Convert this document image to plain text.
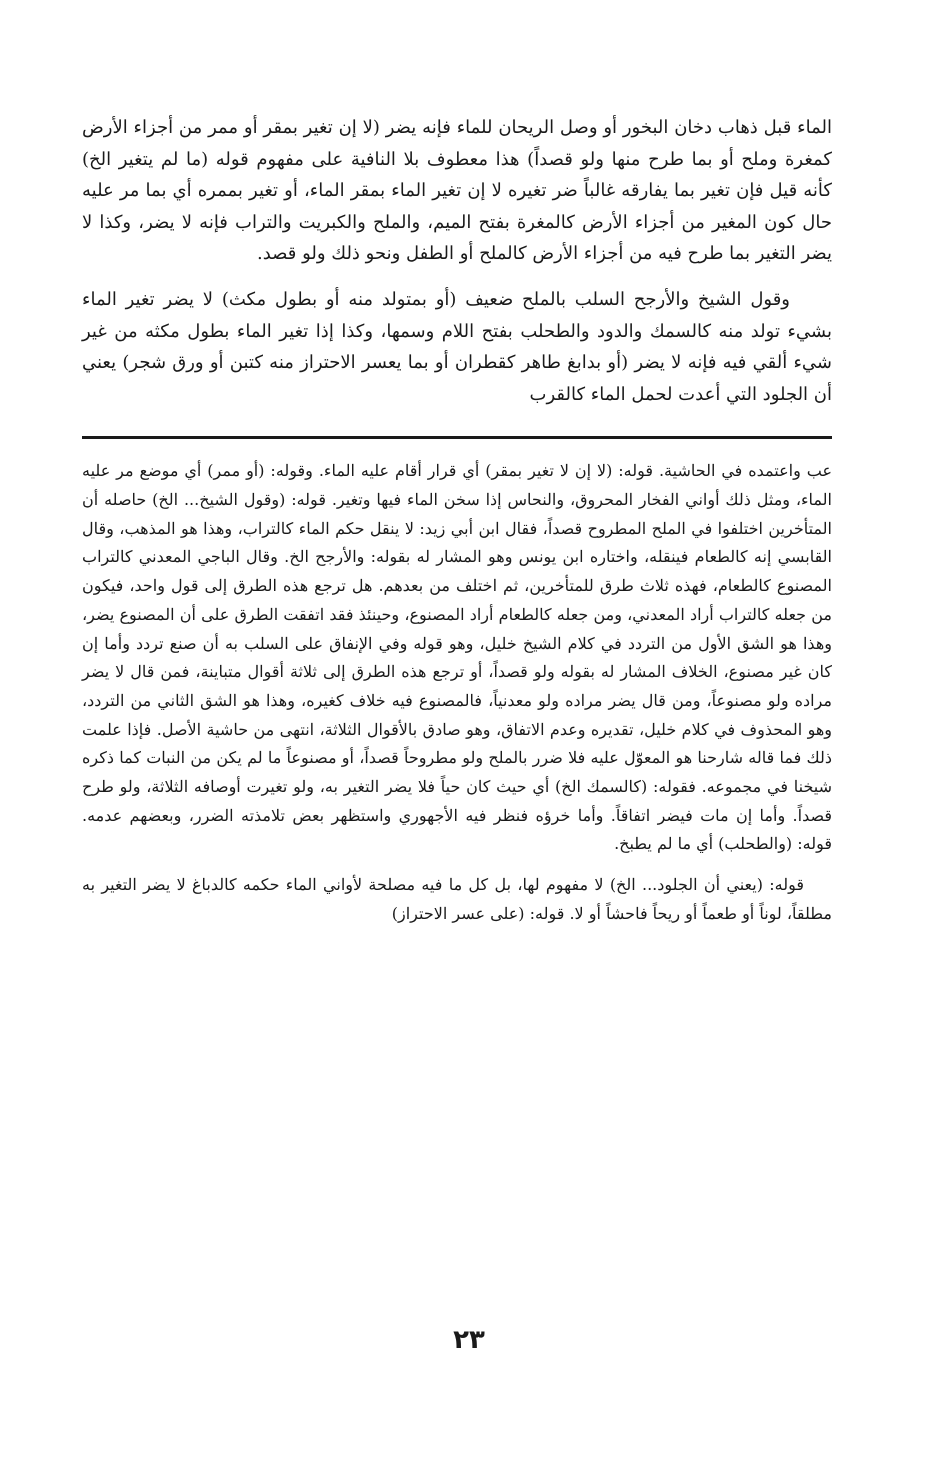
الماء قبل ذهاب دخان البخور أو وصل الريحان للماء فإنه يضر (لا إن تغير بمقر أو ممر من أجزاء الأرض كمغرة وملح أو بما طرح منها ولو قصداً) هذا معطوف بلا النافية على مفهوم قوله (ما لم يتغير الخ) كأنه قيل فإن تغير بما يفارقه غالباً ضر تغيره لا إن تغير الماء بمقر الماء، أو تغير بممره أي بما مر عليه حال كون المغير من أجزاء الأرض كالمغرة بفتح الميم، والملح والكبريت والتراب فإنه لا يضر، وكذا لا يضر التغير بما طرح فيه من أجزاء الأرض كالملح أو الطفل ونحو ذلك ولو قصد.

وقول الشيخ والأرجح السلب بالملح ضعيف (أو بمتولد منه أو بطول مكث) لا يضر تغير الماء بشيء تولد منه كالسمك والدود والطحلب بفتح اللام وسمها، وكذا إذا تغير الماء بطول مكثه من غير شيء ألقي فيه فإنه لا يضر (أو بدابغ طاهر كقطران أو بما يعسر الاحتراز منه كتبن أو ورق شجر) يعني أن الجلود التي أعدت لحمل الماء كالقرب

عب واعتمده في الحاشية. قوله: (لا إن لا تغير بمقر) أي قرار أقام عليه الماء. وقوله: (أو ممر) أي موضع مر عليه الماء، ومثل ذلك أواني الفخار المحروق، والنحاس إذا سخن الماء فيها وتغير. قوله: (وقول الشيخ... الخ) حاصله أن المتأخرين اختلفوا في الملح المطروح قصداً، فقال ابن أبي زيد: لا ينقل حكم الماء كالتراب، وهذا هو المذهب، وقال القابسي إنه كالطعام فينقله، واختاره ابن يونس وهو المشار له بقوله: والأرجح الخ. وقال الباجي المعدني كالتراب المصنوع كالطعام، فهذه ثلاث طرق للمتأخرين، ثم اختلف من بعدهم. هل ترجع هذه الطرق إلى قول واحد، فيكون من جعله كالتراب أراد المعدني، ومن جعله كالطعام أراد المصنوع، وحينئذ فقد اتفقت الطرق على أن المصنوع يضر، وهذا هو الشق الأول من التردد في كلام الشيخ خليل، وهو قوله وفي الإنفاق على السلب به أن صنع تردد وأما إن كان غير مصنوع، الخلاف المشار له بقوله ولو قصداً، أو ترجع هذه الطرق إلى ثلاثة أقوال متباينة، فمن قال لا يضر مراده ولو مصنوعاً، ومن قال يضر مراده ولو معدنياً، فالمصنوع فيه خلاف كغيره، وهذا هو الشق الثاني من التردد، وهو المحذوف في كلام خليل، تقديره وعدم الاتفاق، وهو صادق بالأقوال الثلاثة، انتهى من حاشية الأصل. فإذا علمت ذلك فما قاله شارحنا هو المعوّل عليه فلا ضرر بالملح ولو مطروحاً قصداً، أو مصنوعاً ما لم يكن من النبات كما ذكره شيخنا في مجموعه. فقوله: (كالسمك الخ) أي حيث كان حياً فلا يضر التغير به، ولو تغيرت أوصافه الثلاثة، ولو طرح قصداً. وأما إن مات فيضر اتفاقاً. وأما خرؤه فنظر فيه الأجهوري واستظهر بعض تلامذته الضرر، وبعضهم عدمه. قوله: (والطحلب) أي ما لم يطبخ.

قوله: (يعني أن الجلود... الخ) لا مفهوم لها، بل كل ما فيه مصلحة لأواني الماء حكمه كالدباغ لا يضر التغير به مطلقاً، لوناً أو طعماً أو ريحاً فاحشاً أو لا. قوله: (على عسر الاحتراز)

٢٣
